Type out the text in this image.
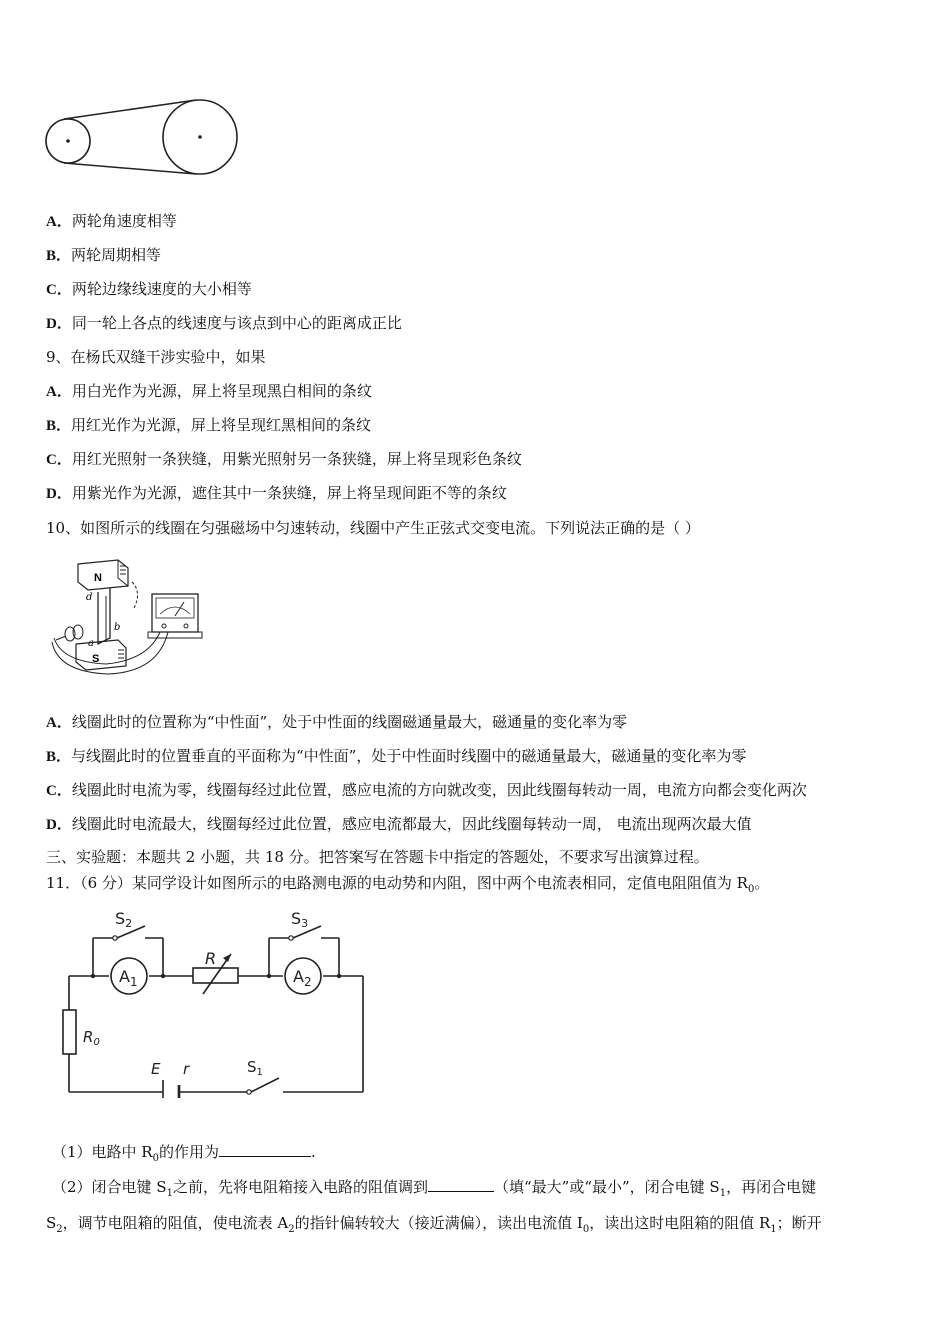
A．两轮角速度相等
B．两轮周期相等
C．两轮边缘线速度的大小相等
D．同一轮上各点的线速度与该点到中心的距离成正比
9、在杨氏双缝干涉实验中，如果
A．用白光作为光源，屏上将呈现黑白相间的条纹
B．用红光作为光源，屏上将呈现红黑相间的条纹
C．用红光照射一条狭缝，用紫光照射另一条狭缝，屏上将呈现彩色条纹
D．用紫光作为光源，遮住其中一条狭缝，屏上将呈现间距不等的条纹
10、如图所示的线圈在匀强磁场中匀速转动，线圈中产生正弦式交变电流。下列说法正确的是（ ）
N
d
b
a
S
A．线圈此时的位置称为“中性面”，处于中性面的线圈磁通量最大，磁通量的变化率为零
B．与线圈此时的位置垂直的平面称为“中性面”，处于中性面时线圈中的磁通量最大，磁通量的变化率为零
C．线圈此时电流为零，线圈每经过此位置，感应电流的方向就改变，因此线圈每转动一周，电流方向都会变化两次
D．线圈此时电流最大，线圈每经过此位置，感应电流都最大，因此线圈每转动一周， 电流出现两次最大值
三、实验题：本题共 2 小题，共 18 分。把答案写在答题卡中指定的答题处，不要求写出演算过程。
11．（6 分）某同学设计如图所示的电路测电源的电动势和内阻，图中两个电流表相同，定值电阻阻值为 $R_0$。
S2	S3
$A_1$	$A_2$
R
$R_0$
E r	$S_1$
（1）电路中 $R_0$的作用为	.
（2）闭合电键 $S_1$之前，先将电阻箱接入电路的阻值调到	（填“最大”或“最小”，闭合电键 $S_1$，再闭合电键
$S_2$，调节电阻箱的阻值，使电流表 $A_2$的指针偏转较大（接近满偏），读出电流值 $I_0$，读出这时电阻箱的阻值 $R_1$；断开
